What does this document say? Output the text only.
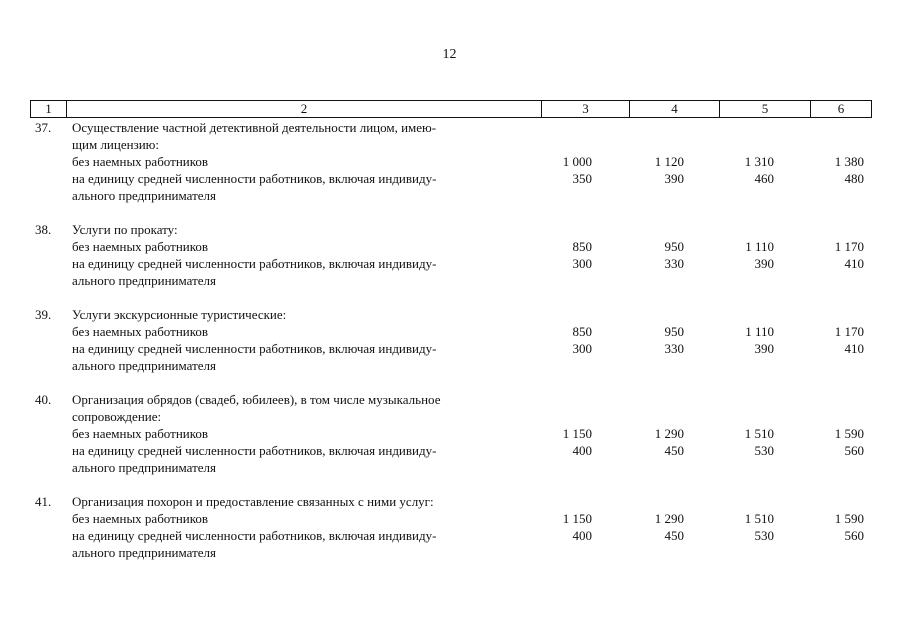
12
1	2	3	4	5	6
37.	Осуществление частной детективной деятельности лицом, имею-
щим лицензию:
без наемных работников	1 000	1 120	1 310	1 380
на единицу средней численности работников, включая индивиду-	350	390	460	480
ального предпринимателя
38.	Услуги по прокату:
без наемных работников	850	950	1 110	1 170
на единицу средней численности работников, включая индивиду-	300	330	390	410
ального предпринимателя
39.	Услуги экскурсионные туристические:
без наемных работников	850	950	1 110	1 170
на единицу средней численности работников, включая индивиду-	300	330	390	410
ального предпринимателя
40.	Организация обрядов (свадеб, юбилеев), в том числе музыкальное
сопровождение:
без наемных работников	1 150	1 290	1 510	1 590
на единицу средней численности работников, включая индивиду-	400	450	530	560
ального предпринимателя
41.	Организация похорон и предоставление связанных с ними услуг:
без наемных работников	1 150	1 290	1 510	1 590
на единицу средней численности работников, включая индивиду-	400	450	530	560
ального предпринимателя
